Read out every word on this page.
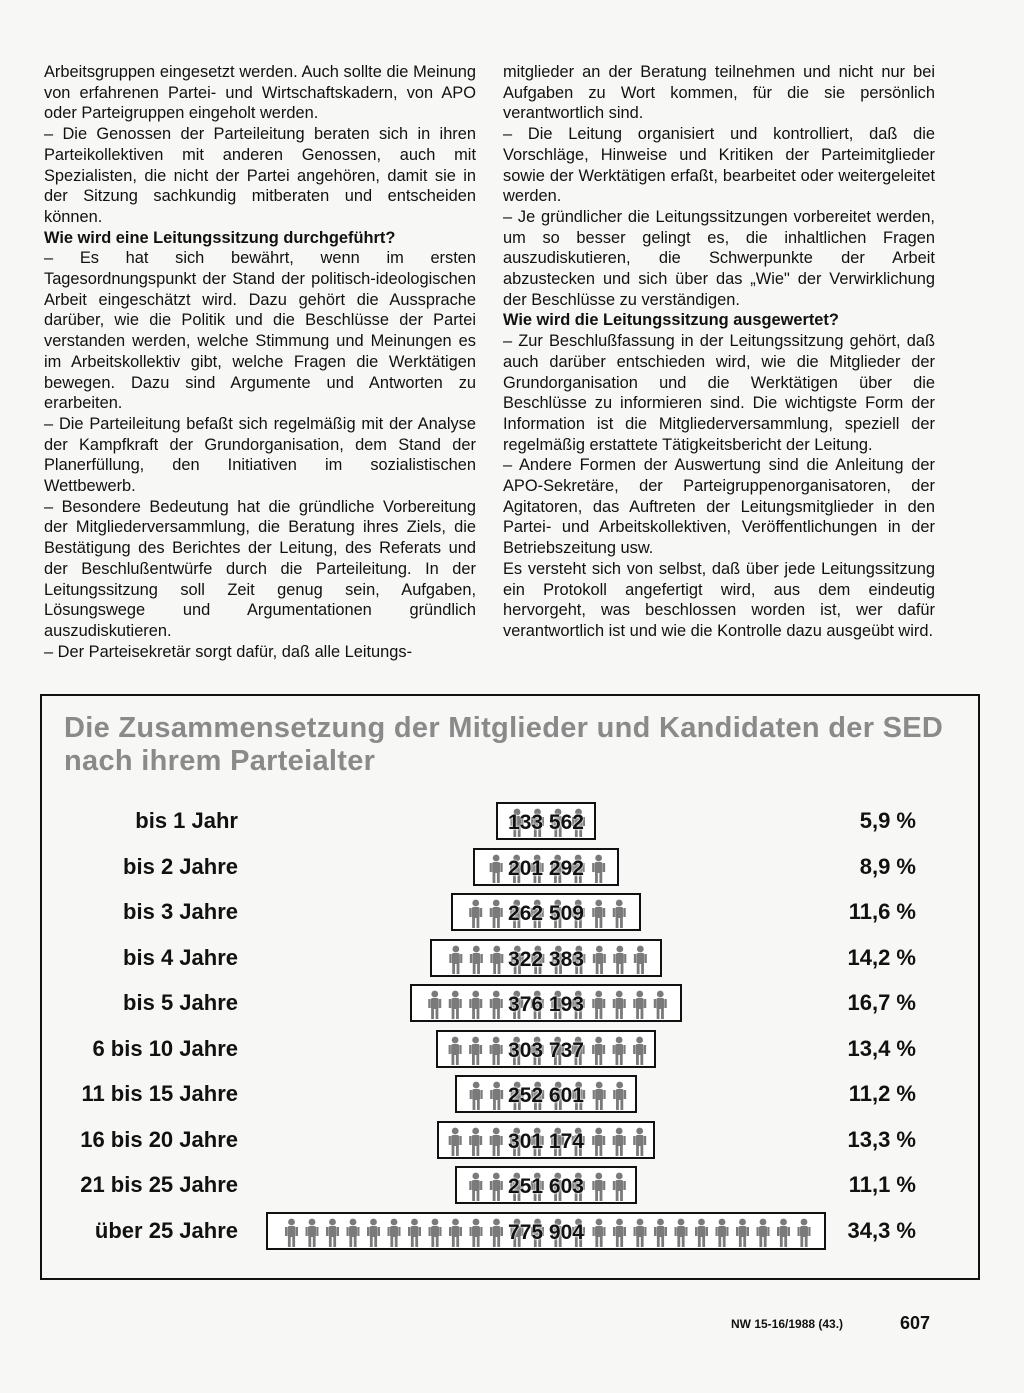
Arbeitsgruppen eingesetzt werden. Auch sollte die Meinung von erfahrenen Partei- und Wirtschaftskadern, von APO oder Parteigruppen eingeholt werden.

– Die Genossen der Parteileitung beraten sich in ihren Parteikollektiven mit anderen Genossen, auch mit Spezialisten, die nicht der Partei angehören, damit sie in der Sitzung sachkundig mitberaten und entscheiden können.

Wie wird eine Leitungssitzung durchgeführt?

– Es hat sich bewährt, wenn im ersten Tagesordnungspunkt der Stand der politisch-ideologischen Arbeit eingeschätzt wird. Dazu gehört die Aussprache darüber, wie die Politik und die Beschlüsse der Partei verstanden werden, welche Stimmung und Meinungen es im Arbeitskollektiv gibt, welche Fragen die Werktätigen bewegen. Dazu sind Argumente und Antworten zu erarbeiten.

– Die Parteileitung befaßt sich regelmäßig mit der Analyse der Kampfkraft der Grundorganisation, dem Stand der Planerfüllung, den Initiativen im sozialistischen Wettbewerb.

– Besondere Bedeutung hat die gründliche Vorbereitung der Mitgliederversammlung, die Beratung ihres Ziels, die Bestätigung des Berichtes der Leitung, des Referats und der Beschlußentwürfe durch die Parteileitung. In der Leitungssitzung soll Zeit genug sein, Aufgaben, Lösungswege und Argumentationen gründlich auszudiskutieren.

– Der Parteisekretär sorgt dafür, daß alle Leitungs-

mitglieder an der Beratung teilnehmen und nicht nur bei Aufgaben zu Wort kommen, für die sie persönlich verantwortlich sind.

– Die Leitung organisiert und kontrolliert, daß die Vorschläge, Hinweise und Kritiken der Parteimitglieder sowie der Werktätigen erfaßt, bearbeitet oder weitergeleitet werden.

– Je gründlicher die Leitungssitzungen vorbereitet werden, um so besser gelingt es, die inhaltlichen Fragen auszudiskutieren, die Schwerpunkte der Arbeit abzustecken und sich über das „Wie" der Verwirklichung der Beschlüsse zu verständigen.

Wie wird die Leitungssitzung ausgewertet?

– Zur Beschlußfassung in der Leitungssitzung gehört, daß auch darüber entschieden wird, wie die Mitglieder der Grundorganisation und die Werktätigen über die Beschlüsse zu informieren sind. Die wichtigste Form der Information ist die Mitgliederversammlung, speziell der regelmäßig erstattete Tätigkeitsbericht der Leitung.

– Andere Formen der Auswertung sind die Anleitung der APO-Sekretäre, der Parteigruppenorganisatoren, der Agitatoren, das Auftreten der Leitungsmitglieder in den Partei- und Arbeitskollektiven, Veröffentlichungen in der Betriebszeitung usw.

Es versteht sich von selbst, daß über jede Leitungssitzung ein Protokoll angefertigt wird, aus dem eindeutig hervorgeht, was beschlossen worden ist, wer dafür verantwortlich ist und wie die Kontrolle dazu ausgeübt wird.

Die Zusammensetzung der Mitglieder und Kandidaten der SED nach ihrem Parteialter
bis 1 Jahr	133 562	5,9 %
bis 2 Jahre	201 292	8,9 %
bis 3 Jahre	262 509	11,6 %
bis 4 Jahre	322 383	14,2 %
bis 5 Jahre	376 193	16,7 %
6 bis 10 Jahre	303 737	13,4 %
11 bis 15 Jahre	252 601	11,2 %
16 bis 20 Jahre	301 174	13,3 %
21 bis 25 Jahre	251 603	11,1 %
über 25 Jahre	775 904	34,3 %
NW 15-16/1988 (43.)	607
